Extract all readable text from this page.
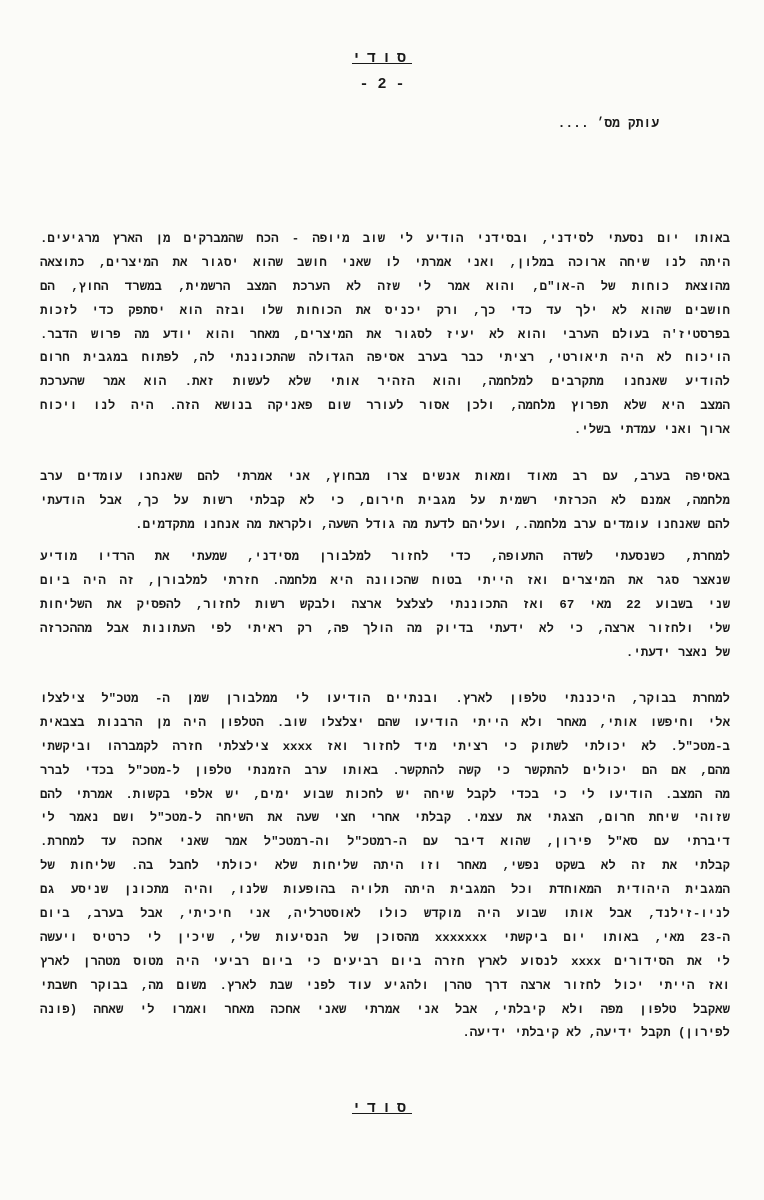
סודי
- 2 -
עותק מס׳ ....
באותו יום נסעתי לסידני, ובסידני הודיע לי שוב מיופה - הכח שהמברקים מן הארץ מרגיעים.
היתה לנו שיחה ארוכה במלון, ואני אמרתי לו שאני חושב שהוא יסגור את המיצרים, כתוצאה
מהוצאת כוחות של ה-או"ם, והוא אמר לי שזה לא הערכת המצב הרשמית, במשרד החוץ, הם
חושבים שהוא לא ילך עד כדי כך, ורק יכניס את הכוחות שלו ובזה הוא יסתפק כדי לזכות
בפרסטיז'ה בעולם הערבי והוא לא יעיז לסגור את המיצרים, מאחר והוא יודע מה פרוש הדבר.
הויכוח לא היה תיאורטי, רציתי כבר בערב אסיפה הגדולה שהתכוננתי לה, לפתוח במגבית חרום
להודיע שאנחנו מתקרבים למלחמה, והוא הזהיר אותי שלא לעשות זאת. הוא אמר שהערכת
המצב היא שלא תפרוץ מלחמה, ולכן אסור לעורר שום פאניקה בנושא הזה. היה לנו ויכוח
ארוך ואני עמדתי בשלי.
באסיפה בערב, עם רב מאוד ומאות אנשים צרו מבחוץ, אני אמרתי להם שאנחנו עומדים ערב
מלחמה, אמנם לא הכרזתי רשמית על מגבית חירום, כי לא קבלתי רשות על כך, אבל הודעתי
להם שאנחנו עומדים ערב מלחמה., ועליהם לדעת מה גודל השעה, ולקראת מה אנחנו מתקדמים.
למחרת, כשנסעתי לשדה התעופה, כדי לחזור למלבורן מסידני, שמעתי את הרדיו מודיע
שנאצר סגר את המיצרים ואז הייתי בטוח שהכוונה היא מלחמה. חזרתי למלבורן, זה היה ביום
שני בשבוע 22 מאי 67 ואז התכוננתי לצלצל ארצה ולבקש רשות לחזור, להפסיק את השליחות
שלי ולחזור ארצה, כי לא ידעתי בדיוק מה הולך פה, רק ראיתי לפי העתונות אבל מההכרזה
של נאצר ידעתי.
למחרת בבוקר, היכננתי טלפון לארץ. ובנתיים הודיעו לי ממלבורן שמן ה- מטכ"ל צילצלו
אלי וחיפשו אותי, מאחר ולא הייתי הודיעו שהם יצלצלו שוב. הטלפון היה מן הרבנות בצבאית
ב-מטכ"ל. לא יכולתי לשתוק כי רציתי מיד לחזור ואז xxxx צילצלתי חזרה לקמברהו וביקשתי
מהם, אם הם יכולים להתקשר כי קשה להתקשר. באותו ערב הזמנתי טלפון ל-מטכ"ל בכדי לברר
מה המצב. הודיעו לי כי בכדי לקבל שיחה יש לחכות שבוע ימים, יש אלפי בקשות. אמרתי להם
שזוהי שיחת חרום, הצגתי את עצמי. קבלתי אחרי חצי שעה את השיחה ל-מטכ"ל ושם נאמר לי
דיברתי עם סא"ל פירון, שהוא דיבר עם ה-רמטכ"ל וה-רמטכ"ל אמר שאני אחכה עד למחרת.
קבלתי את זה לא בשקט נפשי, מאחר וזו היתה שליחות שלא יכולתי לחבל בה. שליחות של
המגבית היהודית המאוחדת וכל המגבית היתה תלויה בהופעות שלנו, והיה מתכונן שניסע גם
לניו-זילנד, אבל אותו שבוע היה מוקדש כולו לאוסטרליה, אני חיכיתי, אבל בערב, ביום
ה-23 מאי, באותו יום ביקשתי xxxxxxx מהסוכן של הנסיעות שלי, שיכין לי כרטיס ויעשה
לי את הסידורים xxxx לנסוע לארץ חזרה ביום רביעים כי ביום רביעי היה מטוס מטהרן לארץ
ואז הייתי יכול לחזור ארצה דרך טהרן ולהגיע עוד לפני שבת לארץ. משום מה, בבוקר חשבתי
שאקבל טלפון מפה ולא קיבלתי, אבל אני אמרתי שאני אחכה מאחר ואמרו לי שאחה (פונה
לפירון) תקבל ידיעה, לא קיבלתי ידיעה.
סודי
